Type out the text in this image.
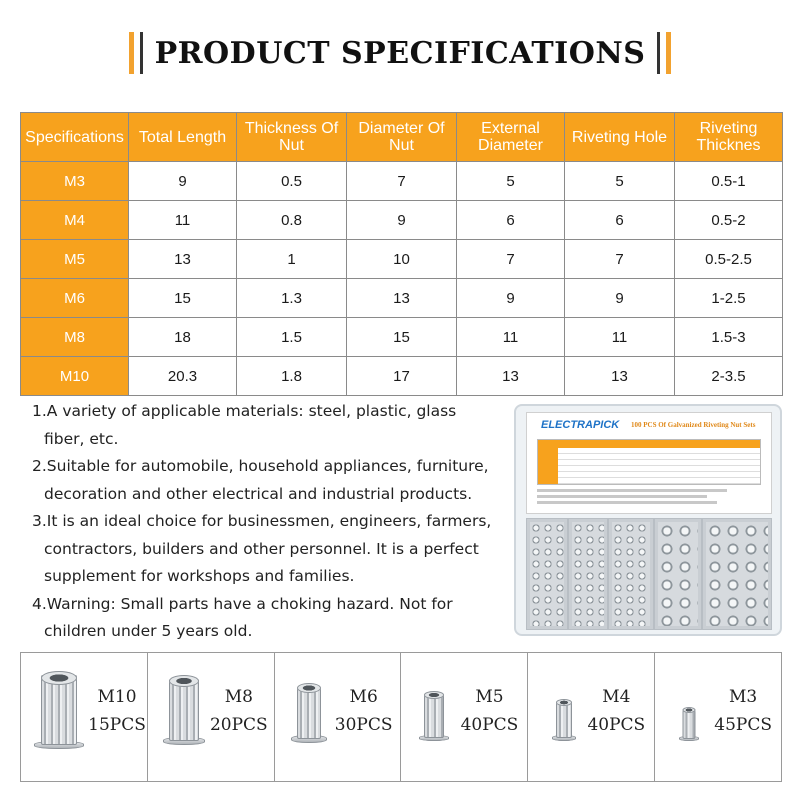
PRODUCT SPECIFICATIONS
Specifications	Total Length	Thickness Of Nut	Diameter Of Nut	External Diameter	Riveting Hole	Riveting Thicknes
M3	9	0.5	7	5	5	0.5-1
M4	11	0.8	9	6	6	0.5-2
M5	13	1	10	7	7	0.5-2.5
M6	15	1.3	13	9	9	1-2.5
M8	18	1.5	15	11	11	1.5-3
M10	20.3	1.8	17	13	13	2-3.5
1.A variety of applicable materials: steel, plastic, glass
fiber, etc.
2.Suitable for automobile, household appliances, furniture,
decoration and other electrical and industrial products.
3.It is an ideal choice for businessmen, engineers, farmers,
contractors, builders and other personnel. It is a perfect
supplement for workshops and families.
4.Warning: Small parts have a choking hazard. Not for
children under 5 years old.
ELECTRAPICK 100 PCS Of Galvanized Riveting Nut Sets
M10
15PCS
M8
20PCS
M6
30PCS
M5
40PCS
M4
40PCS
M3
45PCS
